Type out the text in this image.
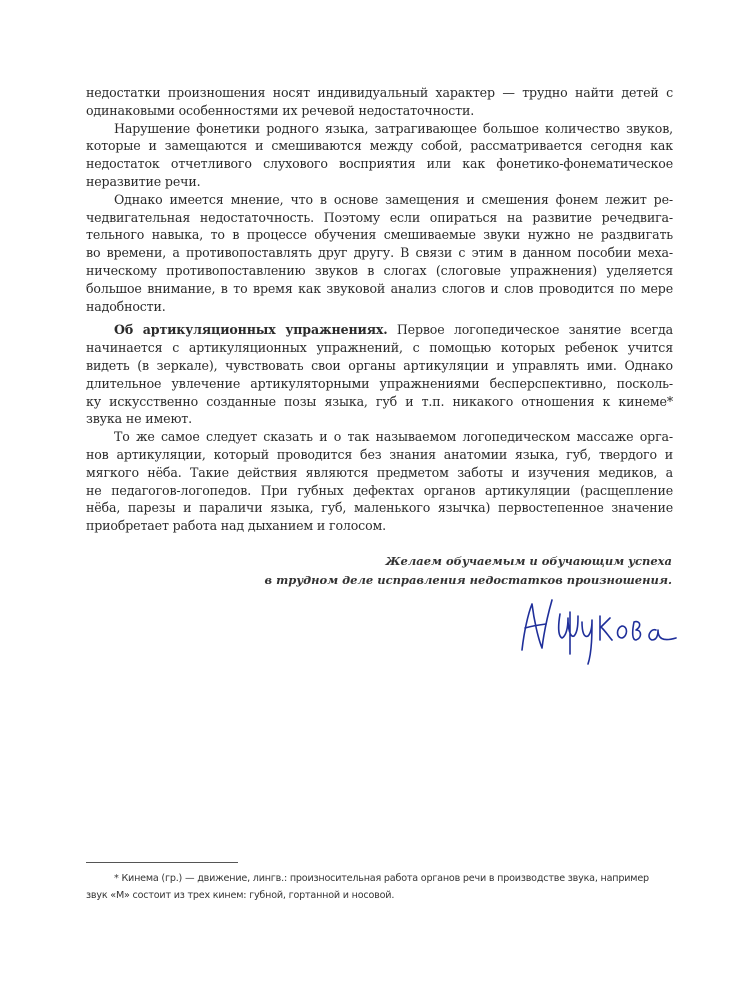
недостатки произношения носят индивидуальный характер — трудно найти детей с
одинаковыми особенностями их речевой недостаточности.
Нарушение фонетики родного языка, затрагивающее большое количество звуков,
которые и замещаются и смешиваются между собой, рассматривается сегодня как
недостаток отчетливого слухового восприятия или как фонетико-фонематическое
неразвитие речи.
Однако имеется мнение, что в основе замещения и смешения фонем лежит ре-
чедвигательная недостаточность. Поэтому если опираться на развитие речедвига-
тельного навыка, то в процессе обучения смешиваемые звуки нужно не раздвигать
во времени, а противопоставлять друг другу. В связи с этим в данном пособии меха-
ническому противопоставлению звуков в слогах (слоговые упражнения) уделяется
большое внимание, в то время как звуковой анализ слогов и слов проводится по мере
надобности.
Об артикуляционных упражнениях. Первое логопедическое занятие всегда
начинается с артикуляционных упражнений, с помощью которых ребенок учится
видеть (в зеркале), чувствовать свои органы артикуляции и управлять ими. Однако
длительное увлечение артикуляторными упражнениями бесперспективно, посколь-
ку искусственно созданные позы языка, губ и т.п. никакого отношения к кинеме*
звука не имеют.
То же самое следует сказать и о так называемом логопедическом массаже орга-
нов артикуляции, который проводится без знания анатомии языка, губ, твердого и
мягкого нёба. Такие действия являются предметом заботы и изучения медиков, а
не педагогов-логопедов. При губных дефектах органов артикуляции (расщепление
нёба, парезы и параличи языка, губ, маленького язычка) первостепенное значение
приобретает работа над дыханием и голосом.
Желаем обучаемым и обучающим успеха
в трудном деле исправления недостатков произношения.
* Кинема (гр.) — движение, лингв.: произносительная работа органов речи в производстве звука, например
звук «М» состоит из трех кинем: губной, гортанной и носовой.
